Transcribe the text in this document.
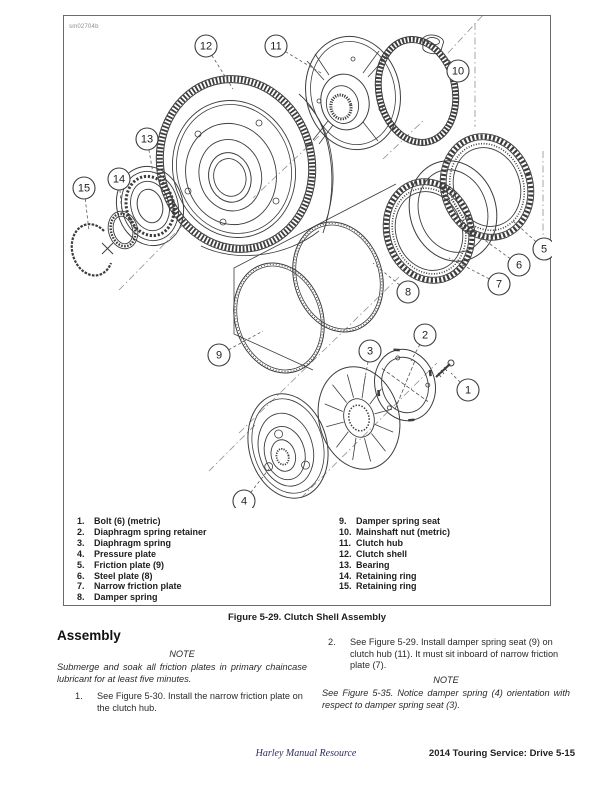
sm02704b
1
2
3
4
5
6
7
8
9
10
11
12
13
14
15
1.	Bolt (6) (metric)
2.	Diaphragm spring retainer
3.	Diaphragm spring
4.	Pressure plate
5.	Friction plate (9)
6.	Steel plate (8)
7.	Narrow friction plate
8.	Damper spring
9.	Damper spring seat
10. Mainshaft nut (metric)
11. Clutch hub
12. Clutch shell
13. Bearing
14. Retaining ring
15. Retaining ring
Figure 5-29. Clutch Shell Assembly
Assembly
NOTE
Submerge and soak all friction plates in primary chaincase lubricant for at least five minutes.
1.	See Figure 5-30. Install the narrow friction plate on the clutch hub.
2.	See Figure 5-29. Install damper spring seat (9) on clutch hub (11). It must sit inboard of narrow friction plate (7).
NOTE
See Figure 5-35. Notice damper spring (4) orientation with respect to damper spring seat (3).
Harley Manual Resource	2014 Touring Service: Drive 5-15
